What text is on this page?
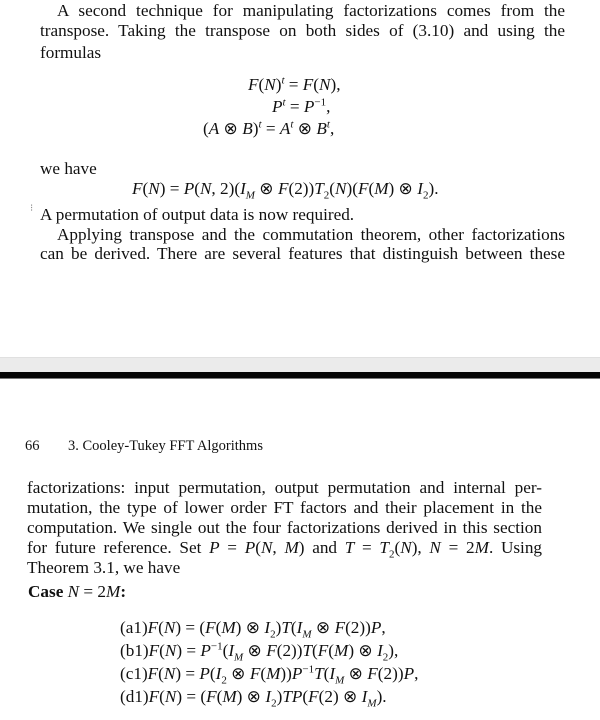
A second technique for manipulating factorizations comes from the
transpose. Taking the transpose on both sides of (3.10) and using the
formulas
$F(N)^t = F(N)$,
$P^t = P^{-1}$,
(A ⊗ $B)^t = A^t$ ⊗ $B^t$,
we have
F(N) = P(N, $2)(I_M$ ⊗ $F(2))T_2(N)(F(M)$ ⊗ $I_2$).
⁝ A permutation of output data is now required.
Applying transpose and the commutation theorem, other factorizations
can be derived. There are several features that distinguish between these
66 3. Cooley-Tukey FFT Algorithms
factorizations: input permutation, output permutation and internal per-
mutation, the type of lower order FT factors and their placement in the
computation. We single out the four factorizations derived in this section
for future reference. Set P = P(N, M) and $T = T_2(N)$, N = 2M. Using
Theorem 3.1, we have
Case N = 2M:
(a1)F(N) = (F(M) ⊗ $I_2)T(I_M$ ⊗ F(2))P,
$(b1)F(N) = P^{-1}(I_M$ ⊗ F(2))T(F(M) ⊗ $I_2$),
$(c1)F(N) = P(I_2$ ⊗ $F(M))P^{-1}T(I_M$ ⊗ F(2))P,
(d1)F(N) = (F(M) ⊗ $I_2)TP(F(2)$ ⊗ $I_M$).
